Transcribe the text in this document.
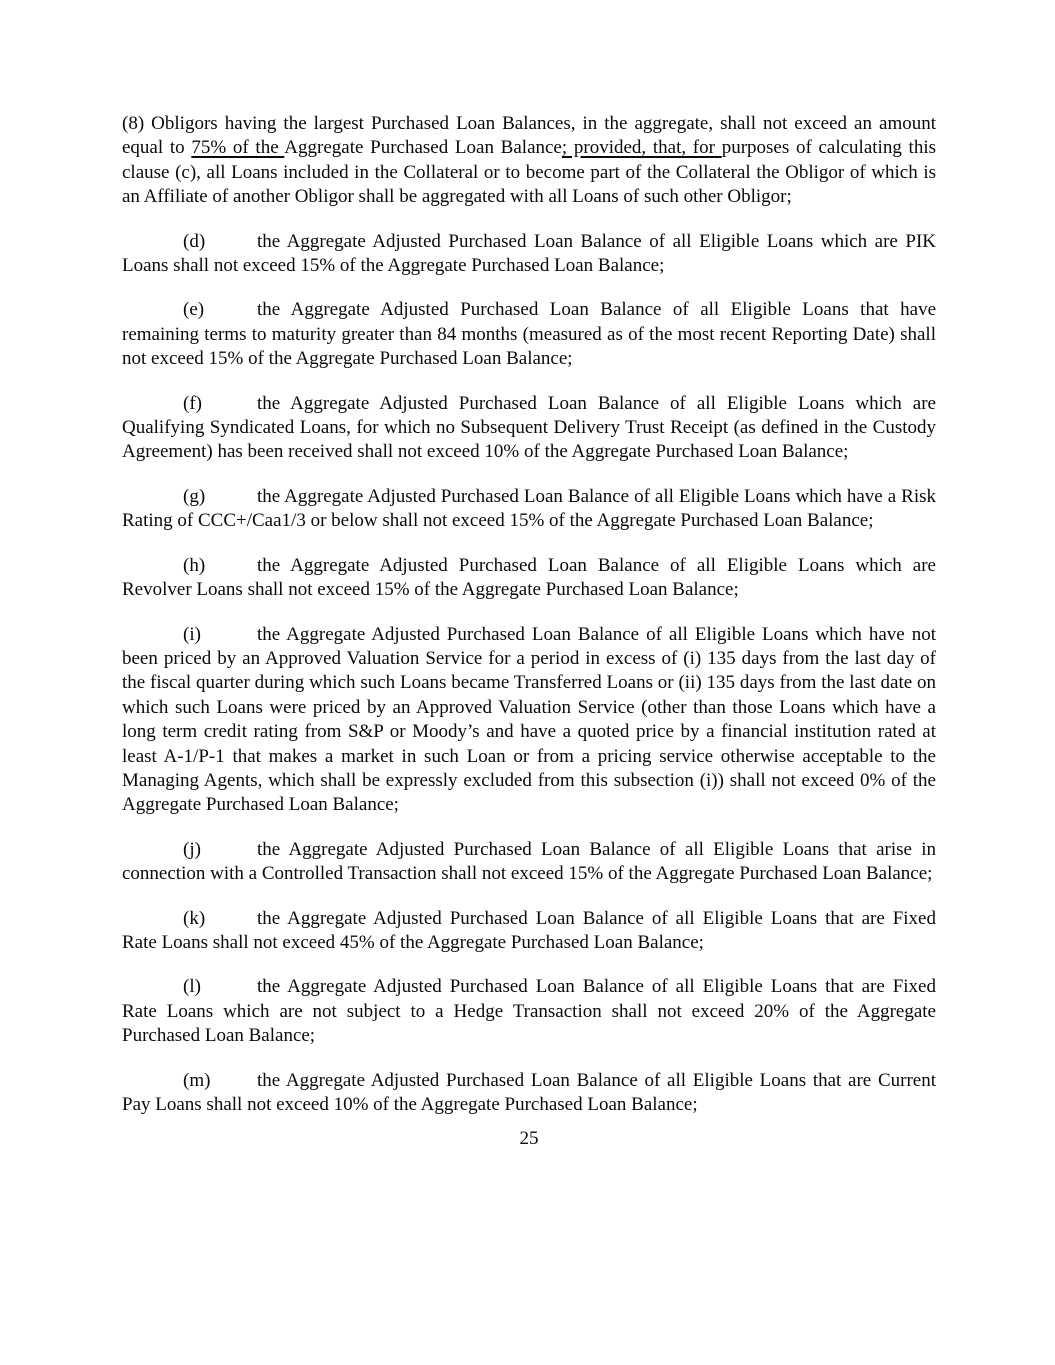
(8) Obligors having the largest Purchased Loan Balances, in the aggregate, shall not exceed an amount equal to 75% of the Aggregate Purchased Loan Balance; provided, that, for purposes of calculating this clause (c), all Loans included in the Collateral or to become part of the Collateral the Obligor of which is an Affiliate of another Obligor shall be aggregated with all Loans of such other Obligor;

(d)	the Aggregate Adjusted Purchased Loan Balance of all Eligible Loans which are PIK Loans shall not exceed 15% of the Aggregate Purchased Loan Balance;

(e)	the Aggregate Adjusted Purchased Loan Balance of all Eligible Loans that have remaining terms to maturity greater than 84 months (measured as of the most recent Reporting Date) shall not exceed 15% of the Aggregate Purchased Loan Balance;

(f)	the Aggregate Adjusted Purchased Loan Balance of all Eligible Loans which are Qualifying Syndicated Loans, for which no Subsequent Delivery Trust Receipt (as defined in the Custody Agreement) has been received shall not exceed 10% of the Aggregate Purchased Loan Balance;

(g)	the Aggregate Adjusted Purchased Loan Balance of all Eligible Loans which have a Risk Rating of CCC+/Caa1/3 or below shall not exceed 15% of the Aggregate Purchased Loan Balance;

(h)	the Aggregate Adjusted Purchased Loan Balance of all Eligible Loans which are Revolver Loans shall not exceed 15% of the Aggregate Purchased Loan Balance;

(i)	the Aggregate Adjusted Purchased Loan Balance of all Eligible Loans which have not been priced by an Approved Valuation Service for a period in excess of (i) 135 days from the last day of the fiscal quarter during which such Loans became Transferred Loans or (ii) 135 days from the last date on which such Loans were priced by an Approved Valuation Service (other than those Loans which have a long term credit rating from S&P or Moody’s and have a quoted price by a financial institution rated at least A-1/P-1 that makes a market in such Loan or from a pricing service otherwise acceptable to the Managing Agents, which shall be expressly excluded from this subsection (i)) shall not exceed 0% of the Aggregate Purchased Loan Balance;

(j)	the Aggregate Adjusted Purchased Loan Balance of all Eligible Loans that arise in connection with a Controlled Transaction shall not exceed 15% of the Aggregate Purchased Loan Balance;

(k)	the Aggregate Adjusted Purchased Loan Balance of all Eligible Loans that are Fixed Rate Loans shall not exceed 45% of the Aggregate Purchased Loan Balance;

(l)	the Aggregate Adjusted Purchased Loan Balance of all Eligible Loans that are Fixed Rate Loans which are not subject to a Hedge Transaction shall not exceed 20% of the Aggregate Purchased Loan Balance;

(m) the Aggregate Adjusted Purchased Loan Balance of all Eligible Loans that are Current Pay Loans shall not exceed 10% of the Aggregate Purchased Loan Balance;

25
